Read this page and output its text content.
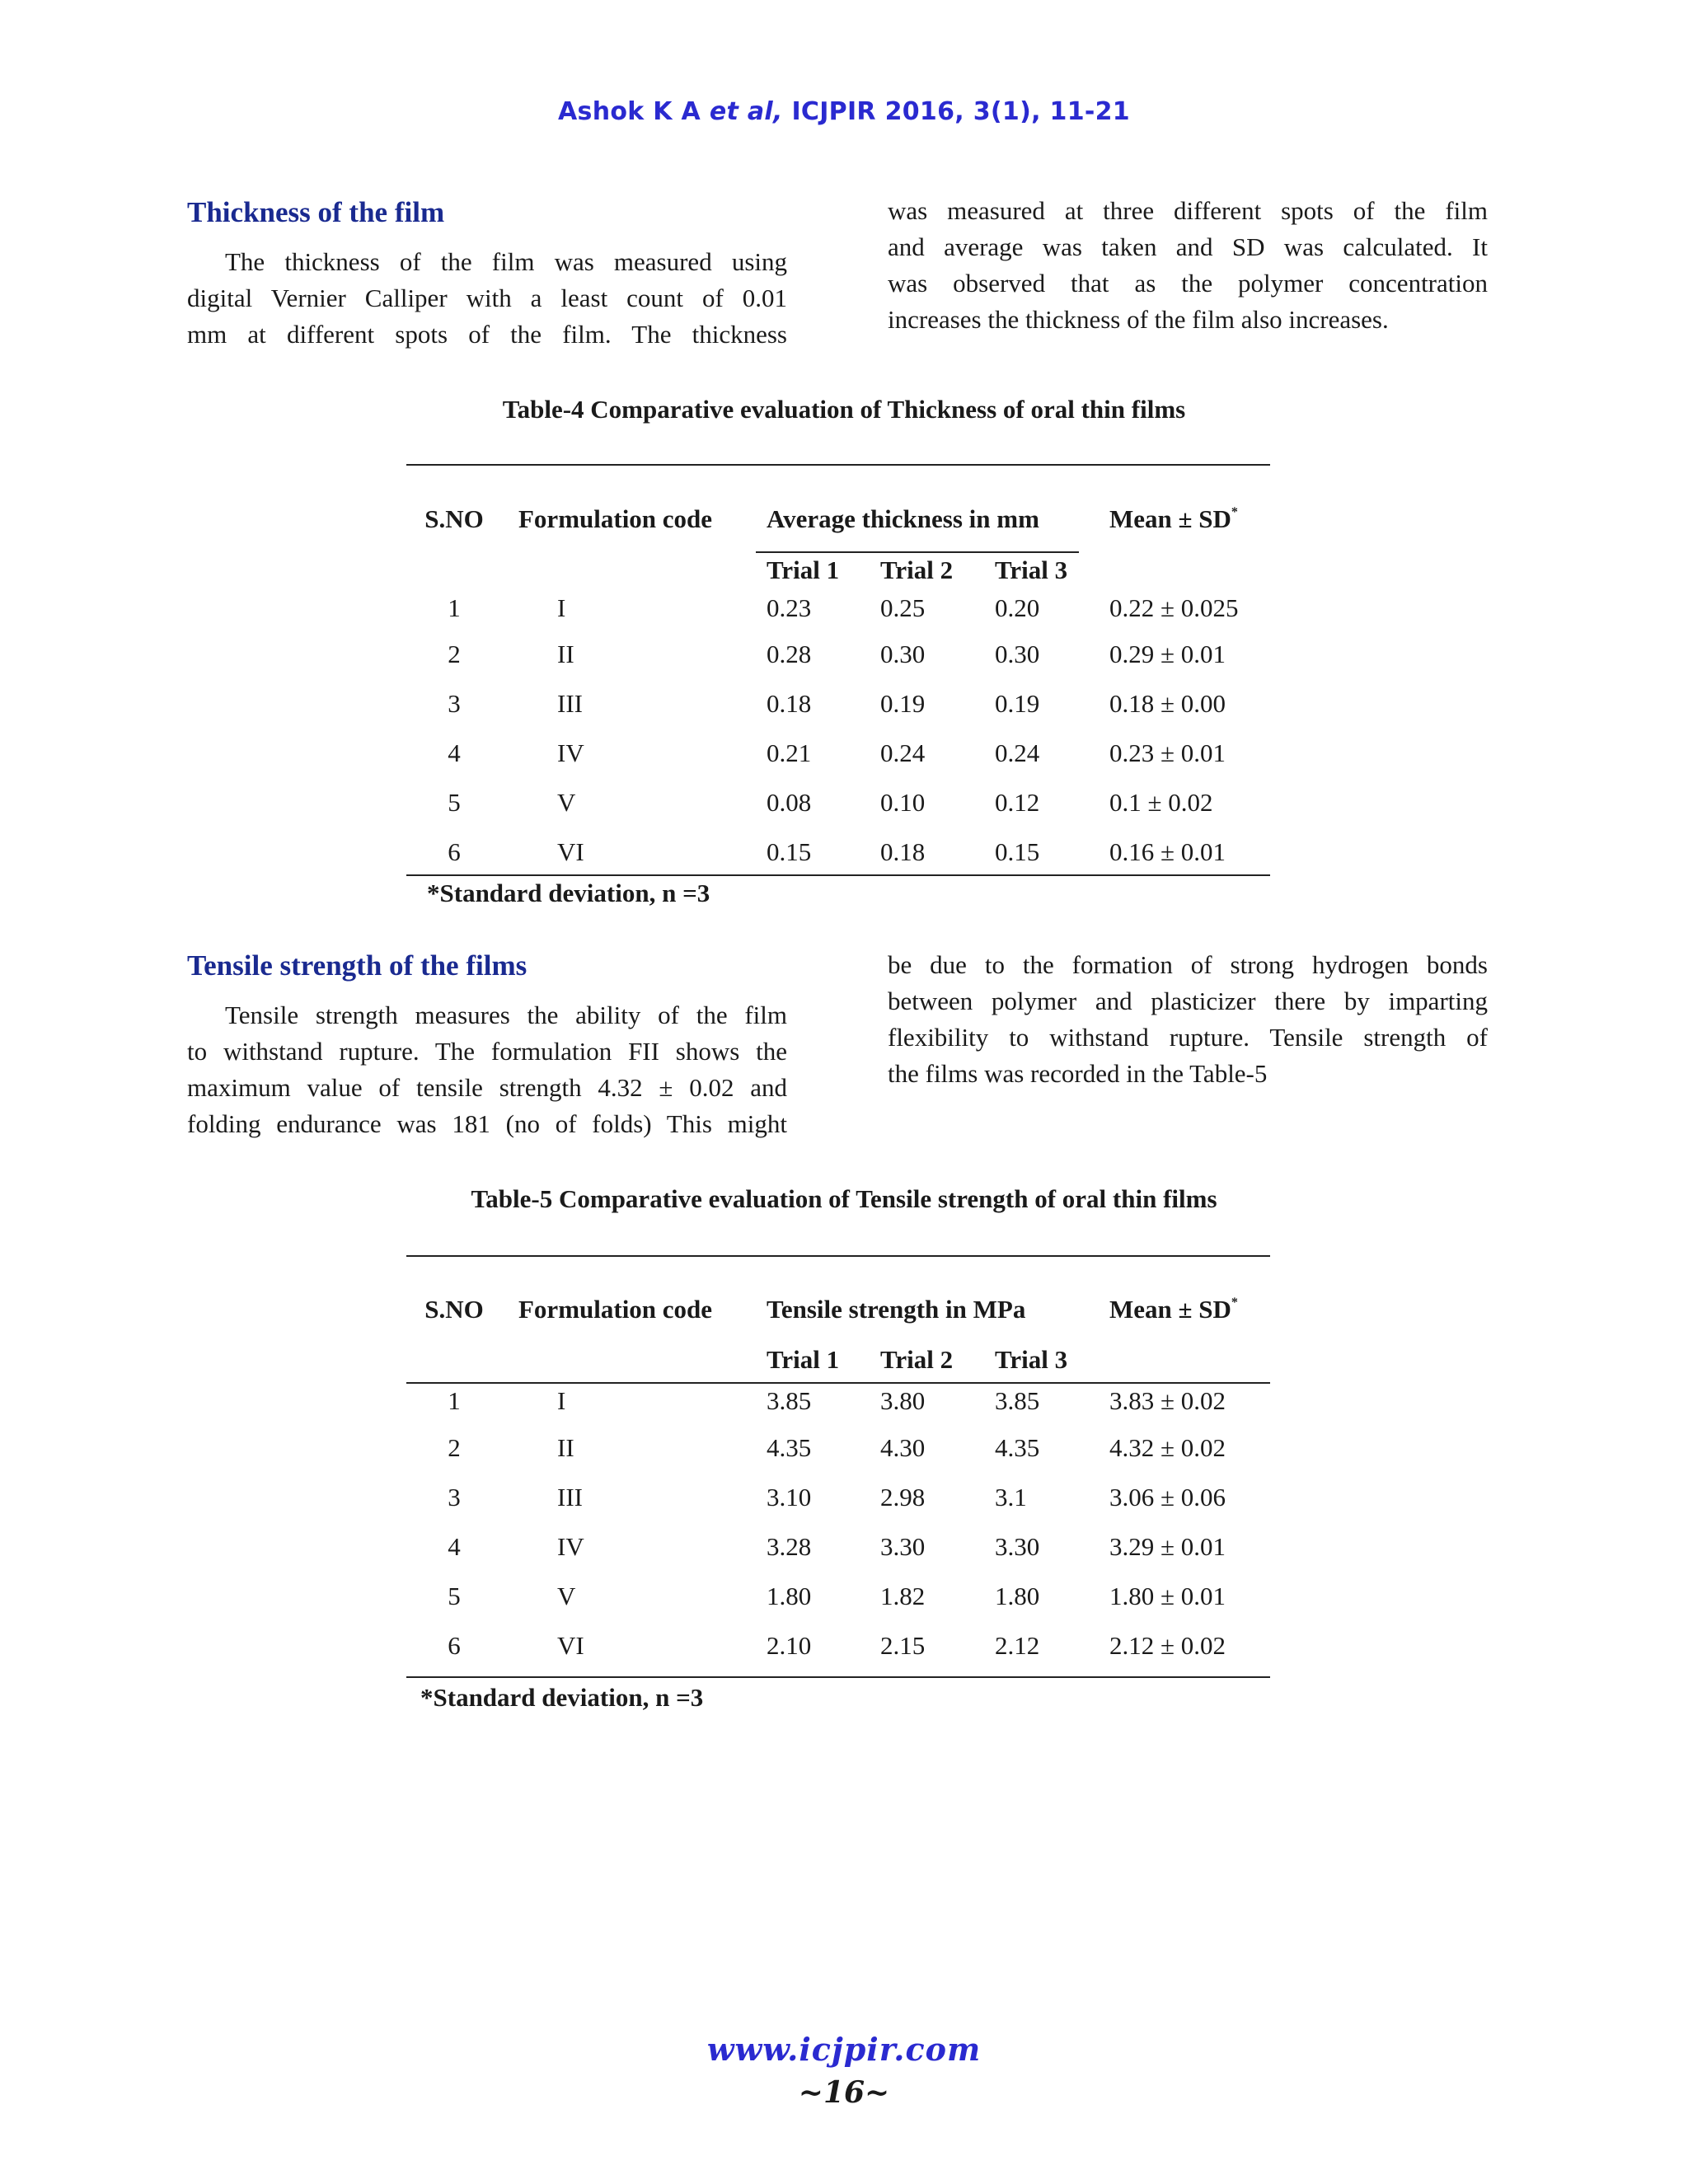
Ashok K A et al, ICJPIR 2016, 3(1), 11-21
Thickness of the film
The thickness of the film was measured using
digital Vernier Calliper with a least count of 0.01
mm at different spots of the film. The thickness
was measured at three different spots of the film
and average was taken and SD was calculated. It
was observed that as the polymer concentration
increases the thickness of the film also increases.
Table-4 Comparative evaluation of Thickness of oral thin films
S.NO	Formulation code Average thickness in mm	Mean ± SD*
Trial 1 Trial 2 Trial 3
1	I	0.23	0.25	0.20	0.22 ± 0.025
2	II	0.28	0.30	0.30	0.29 ± 0.01
3	III	0.18	0.19	0.19	0.18 ± 0.00
4	IV	0.21	0.24	0.24	0.23 ± 0.01
5	V	0.08	0.10	0.12	0.1 ± 0.02
6	VI	0.15	0.18	0.15	0.16 ± 0.01
*Standard deviation, n =3
Tensile strength of the films
Tensile strength measures the ability of the film
to withstand rupture. The formulation FII shows the
maximum value of tensile strength 4.32 ± 0.02 and
folding endurance was 181 (no of folds) This might
be due to the formation of strong hydrogen bonds
between polymer and plasticizer there by imparting
flexibility to withstand rupture. Tensile strength of
the films was recorded in the Table-5
Table-5 Comparative evaluation of Tensile strength of oral thin films
S.NO	Formulation code Tensile strength in MPa	Mean ± SD*
Trial 1 Trial 2 Trial 3
1	I	3.85	3.80	3.85	3.83 ± 0.02
2	II	4.35	4.30	4.35	4.32 ± 0.02
3	III	3.10	2.98	3.1	3.06 ± 0.06
4	IV	3.28	3.30	3.30	3.29 ± 0.01
5	V	1.80	1.82	1.80	1.80 ± 0.01
6	VI	2.10	2.15	2.12	2.12 ± 0.02
*Standard deviation, n =3
www.icjpir.com
~16~
